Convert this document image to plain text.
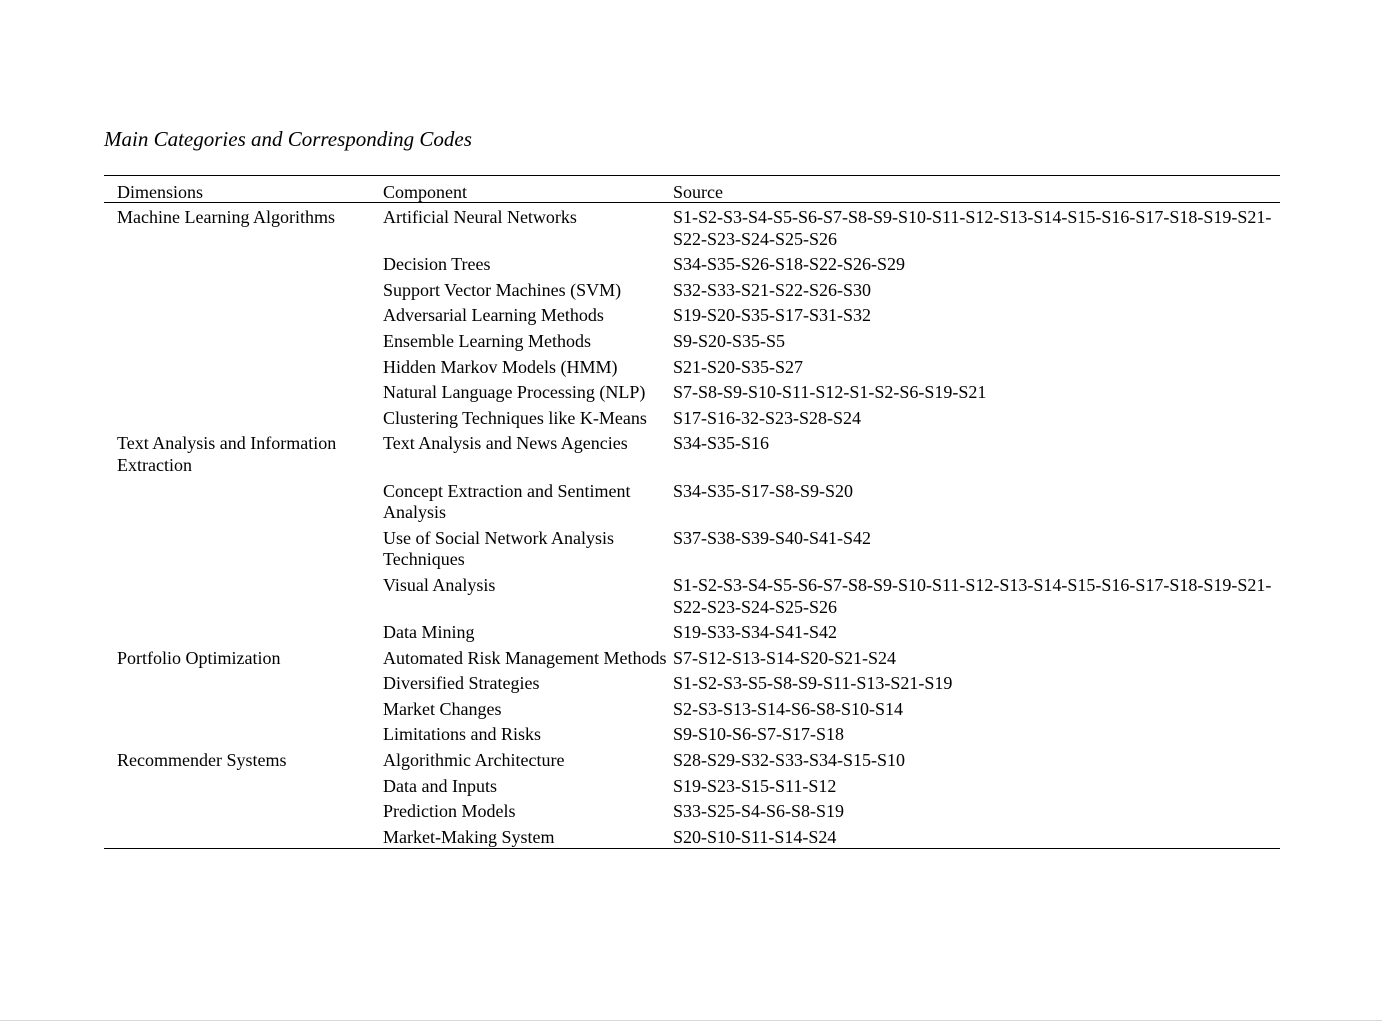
Main Categories and Corresponding Codes
Dimensions	Component	Source
Machine Learning Algorithms	Artificial Neural Networks	S1-S2-S3-S4-S5-S6-S7-S8-S9-S10-S11-S12-S13-S14-S15-S16-S17-S18-S19-S21-S22-S23-S24-S25-S26
	Decision Trees	S34-S35-S26-S18-S22-S26-S29
	Support Vector Machines (SVM)	S32-S33-S21-S22-S26-S30
	Adversarial Learning Methods	S19-S20-S35-S17-S31-S32
	Ensemble Learning Methods	S9-S20-S35-S5
	Hidden Markov Models (HMM)	S21-S20-S35-S27
	Natural Language Processing (NLP)	S7-S8-S9-S10-S11-S12-S1-S2-S6-S19-S21
	Clustering Techniques like K-Means	S17-S16-32-S23-S28-S24
Text Analysis and Information Extraction	Text Analysis and News Agencies	S34-S35-S16
	Concept Extraction and Sentiment Analysis	S34-S35-S17-S8-S9-S20
	Use of Social Network Analysis Techniques	S37-S38-S39-S40-S41-S42
	Visual Analysis	S1-S2-S3-S4-S5-S6-S7-S8-S9-S10-S11-S12-S13-S14-S15-S16-S17-S18-S19-S21-S22-S23-S24-S25-S26
	Data Mining	S19-S33-S34-S41-S42
Portfolio Optimization	Automated Risk Management Methods	S7-S12-S13-S14-S20-S21-S24
	Diversified Strategies	S1-S2-S3-S5-S8-S9-S11-S13-S21-S19
	Market Changes	S2-S3-S13-S14-S6-S8-S10-S14
	Limitations and Risks	S9-S10-S6-S7-S17-S18
Recommender Systems	Algorithmic Architecture	S28-S29-S32-S33-S34-S15-S10
	Data and Inputs	S19-S23-S15-S11-S12
	Prediction Models	S33-S25-S4-S6-S8-S19
	Market-Making System	S20-S10-S11-S14-S24
